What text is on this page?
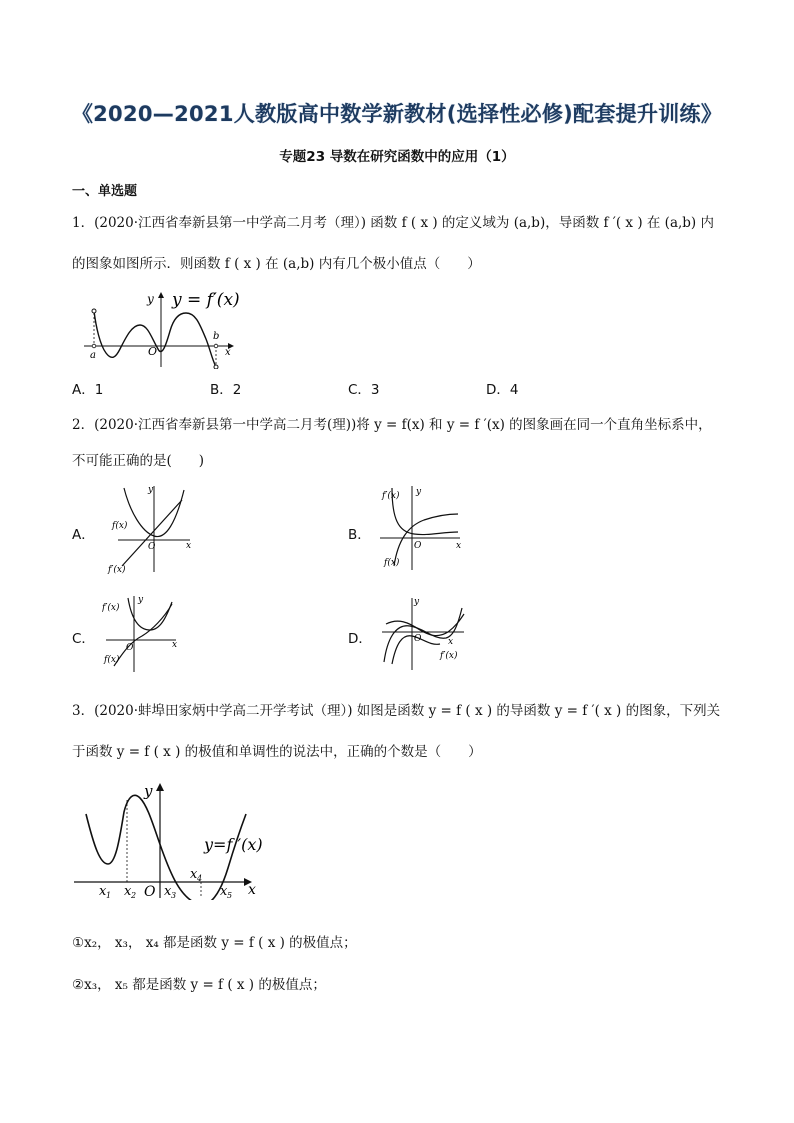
《2020—2021人教版高中数学新教材(选择性必修)配套提升训练》
专题23 导数在研究函数中的应用（1）
一、单选题
1．(2020·江西省奉新县第一中学高二月考（理）) 函数 f ( x ) 的定义域为 (a,b)，导函数 f ′( x ) 在 (a,b) 内
的图象如图所示．则函数 f ( x ) 在 (a,b) 内有几个极小值点（　　）
y y = f′(x)
a
b
O	x
A．1	B．2	C．3	D．4
2．(2020·江西省奉新县第一中学高二月考(理))将 y = f(x) 和 y = f ′(x) 的图象画在同一个直角坐标系中，
不可能正确的是(　　)
A．
y
f(x)
O	x
f′(x)
B．
f′(x) y
O	x
f(x)
C．
f′(x)
y
O	x
f(x)
D．
y
O	x
f′(x)
3．(2020·蚌埠田家炳中学高二开学考试（理）) 如图是函数 y = f ( x ) 的导函数 y = f ′( x ) 的图象，下列关
于函数 y = f ( x ) 的极值和单调性的说法中，正确的个数是（　　）
y
y=f ′(x)
x 1 x 2 O x 3
x 4
x 5 x
①x₂， x₃， x₄ 都是函数 y = f ( x ) 的极值点；
②x₃， x₅ 都是函数 y = f ( x ) 的极值点；
